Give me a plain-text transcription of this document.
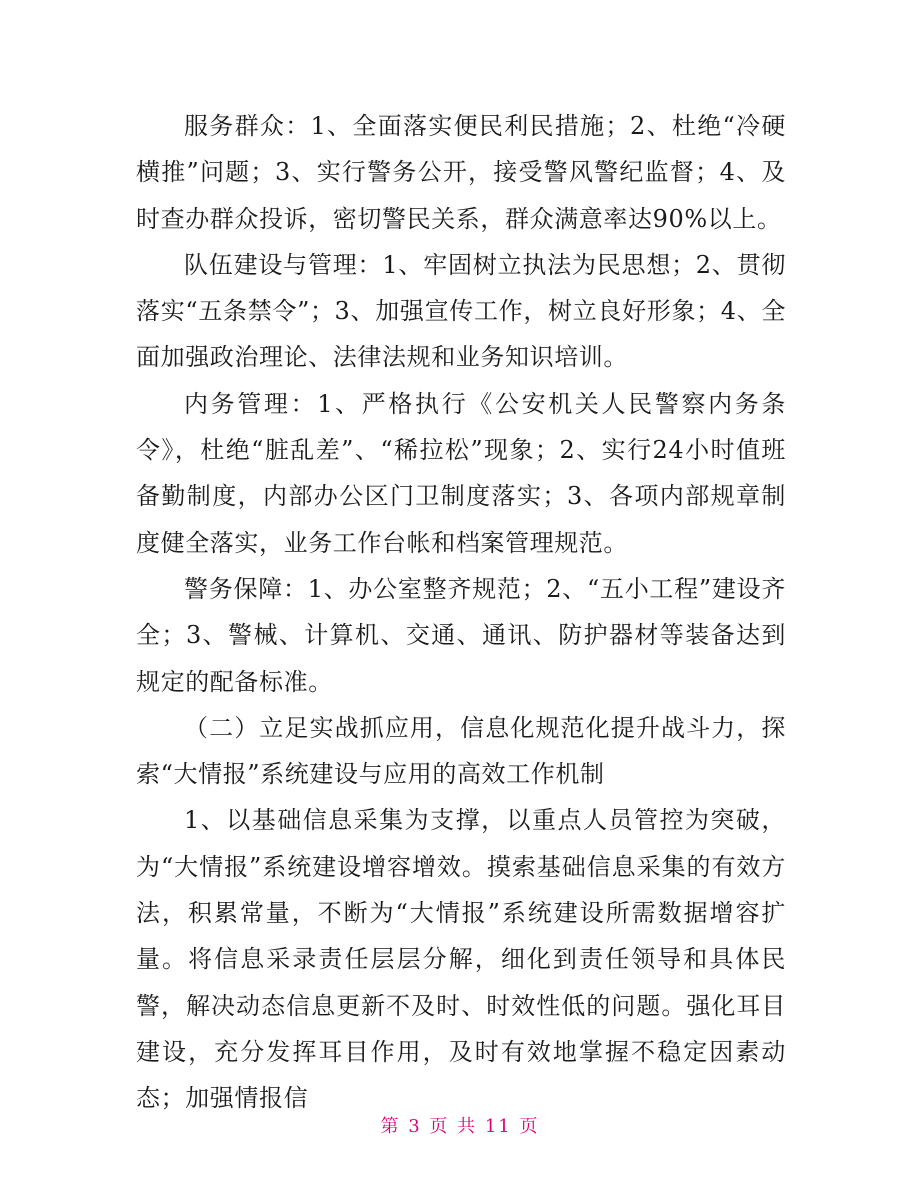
服务群众：1、全面落实便民利民措施；2、杜绝“冷硬横推”问题；3、实行警务公开，接受警风警纪监督；4、及时查办群众投诉，密切警民关系，群众满意率达90%以上。

队伍建设与管理：1、牢固树立执法为民思想；2、贯彻落实“五条禁令”；3、加强宣传工作，树立良好形象；4、全面加强政治理论、法律法规和业务知识培训。

内务管理：1、严格执行《公安机关人民警察内务条令》，杜绝“脏乱差”、“稀拉松”现象；2、实行24小时值班备勤制度，内部办公区门卫制度落实；3、各项内部规章制度健全落实，业务工作台帐和档案管理规范。

警务保障：1、办公室整齐规范；2、“五小工程”建设齐全；3、警械、计算机、交通、通讯、防护器材等装备达到规定的配备标准。

（二）立足实战抓应用，信息化规范化提升战斗力，探索“大情报”系统建设与应用的高效工作机制

1、以基础信息采集为支撑，以重点人员管控为突破，为“大情报”系统建设增容增效。摸索基础信息采集的有效方法，积累常量，不断为“大情报”系统建设所需数据增容扩量。将信息采录责任层层分解，细化到责任领导和具体民警，解决动态信息更新不及时、时效性低的问题。强化耳目建设，充分发挥耳目作用，及时有效地掌握不稳定因素动态；加强情报信

第 3 页 共 11 页
